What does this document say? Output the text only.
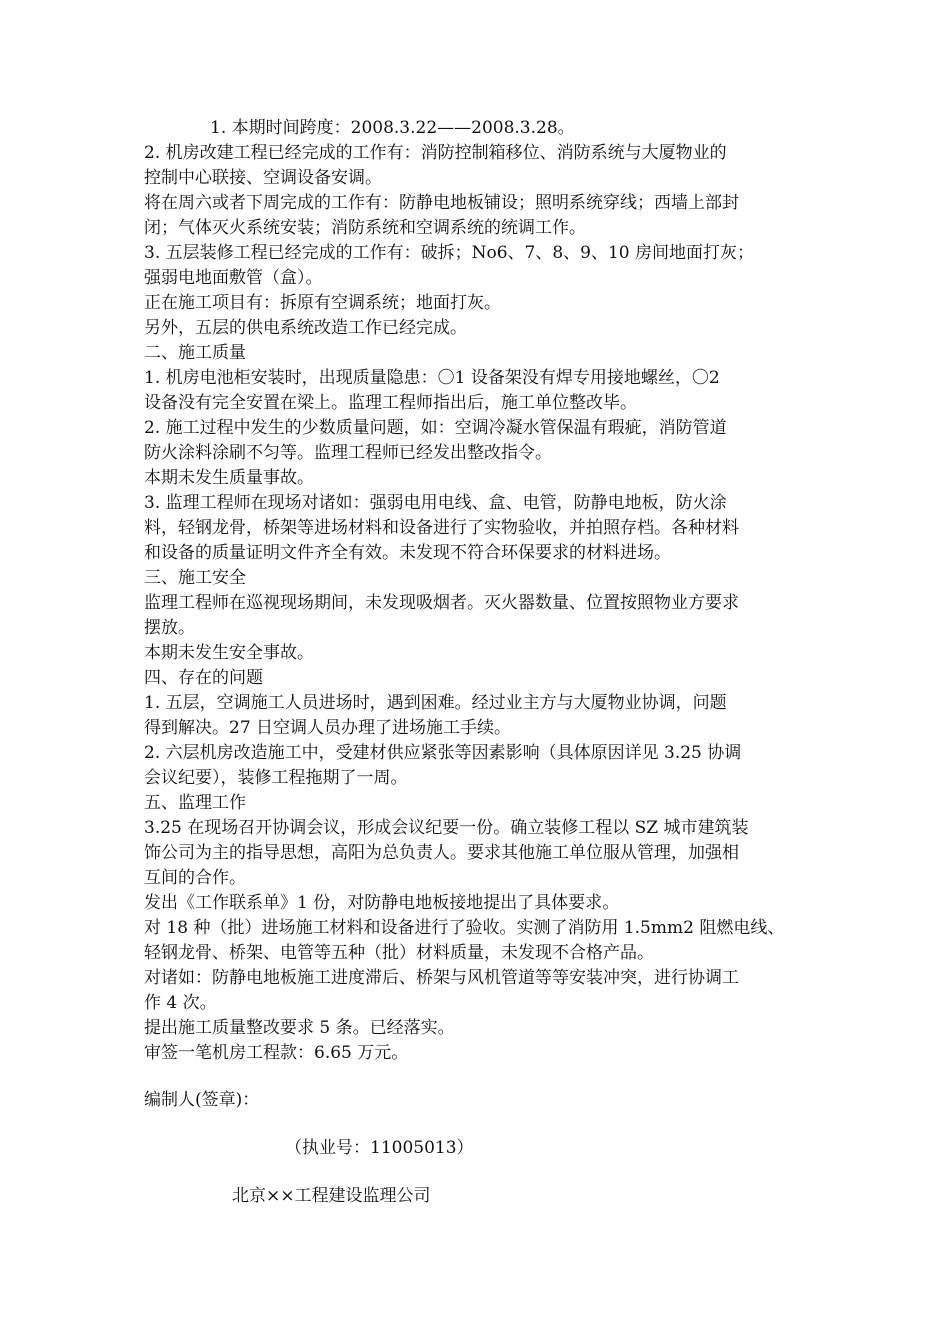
1. 本期时间跨度：2008.3.22——2008.3.28。
2. 机房改建工程已经完成的工作有：消防控制箱移位、消防系统与大厦物业的
控制中心联接、空调设备安调。
将在周六或者下周完成的工作有：防静电地板铺设；照明系统穿线；西墙上部封
闭；气体灭火系统安装；消防系统和空调系统的统调工作。
3. 五层装修工程已经完成的工作有：破拆；No6、7、8、9、10 房间地面打灰；
强弱电地面敷管（盒）。
正在施工项目有：拆原有空调系统；地面打灰。
另外，五层的供电系统改造工作已经完成。
二、施工质量
1. 机房电池柜安装时，出现质量隐患：〇1 设备架没有焊专用接地螺丝，〇2
设备没有完全安置在梁上。监理工程师指出后，施工单位整改毕。
2. 施工过程中发生的少数质量问题，如：空调冷凝水管保温有瑕疵，消防管道
防火涂料涂刷不匀等。监理工程师已经发出整改指令。
本期未发生质量事故。
3. 监理工程师在现场对诸如：强弱电用电线、盒、电管，防静电地板，防火涂
料，轻钢龙骨，桥架等进场材料和设备进行了实物验收，并拍照存档。各种材料
和设备的质量证明文件齐全有效。未发现不符合环保要求的材料进场。
三、施工安全
监理工程师在巡视现场期间，未发现吸烟者。灭火器数量、位置按照物业方要求
摆放。
本期未发生安全事故。
四、存在的问题
1. 五层，空调施工人员进场时，遇到困难。经过业主方与大厦物业协调，问题
得到解决。27 日空调人员办理了进场施工手续。
2. 六层机房改造施工中，受建材供应紧张等因素影响（具体原因详见 3.25 协调
会议纪要），装修工程拖期了一周。
五、监理工作
3.25 在现场召开协调会议，形成会议纪要一份。确立装修工程以 SZ 城市建筑装
饰公司为主的指导思想，高阳为总负责人。要求其他施工单位服从管理，加强相
互间的合作。
发出《工作联系单》1 份，对防静电地板接地提出了具体要求。
对 18 种（批）进场施工材料和设备进行了验收。实测了消防用 1.5mm2 阻燃电线、
轻钢龙骨、桥架、电管等五种（批）材料质量，未发现不合格产品。
对诸如：防静电地板施工进度滞后、桥架与风机管道等等安装冲突，进行协调工
作 4 次。
提出施工质量整改要求 5 条。已经落实。
审签一笔机房工程款：6.65 万元。
编制人(签章)：
（执业号：11005013）
北京××工程建设监理公司
